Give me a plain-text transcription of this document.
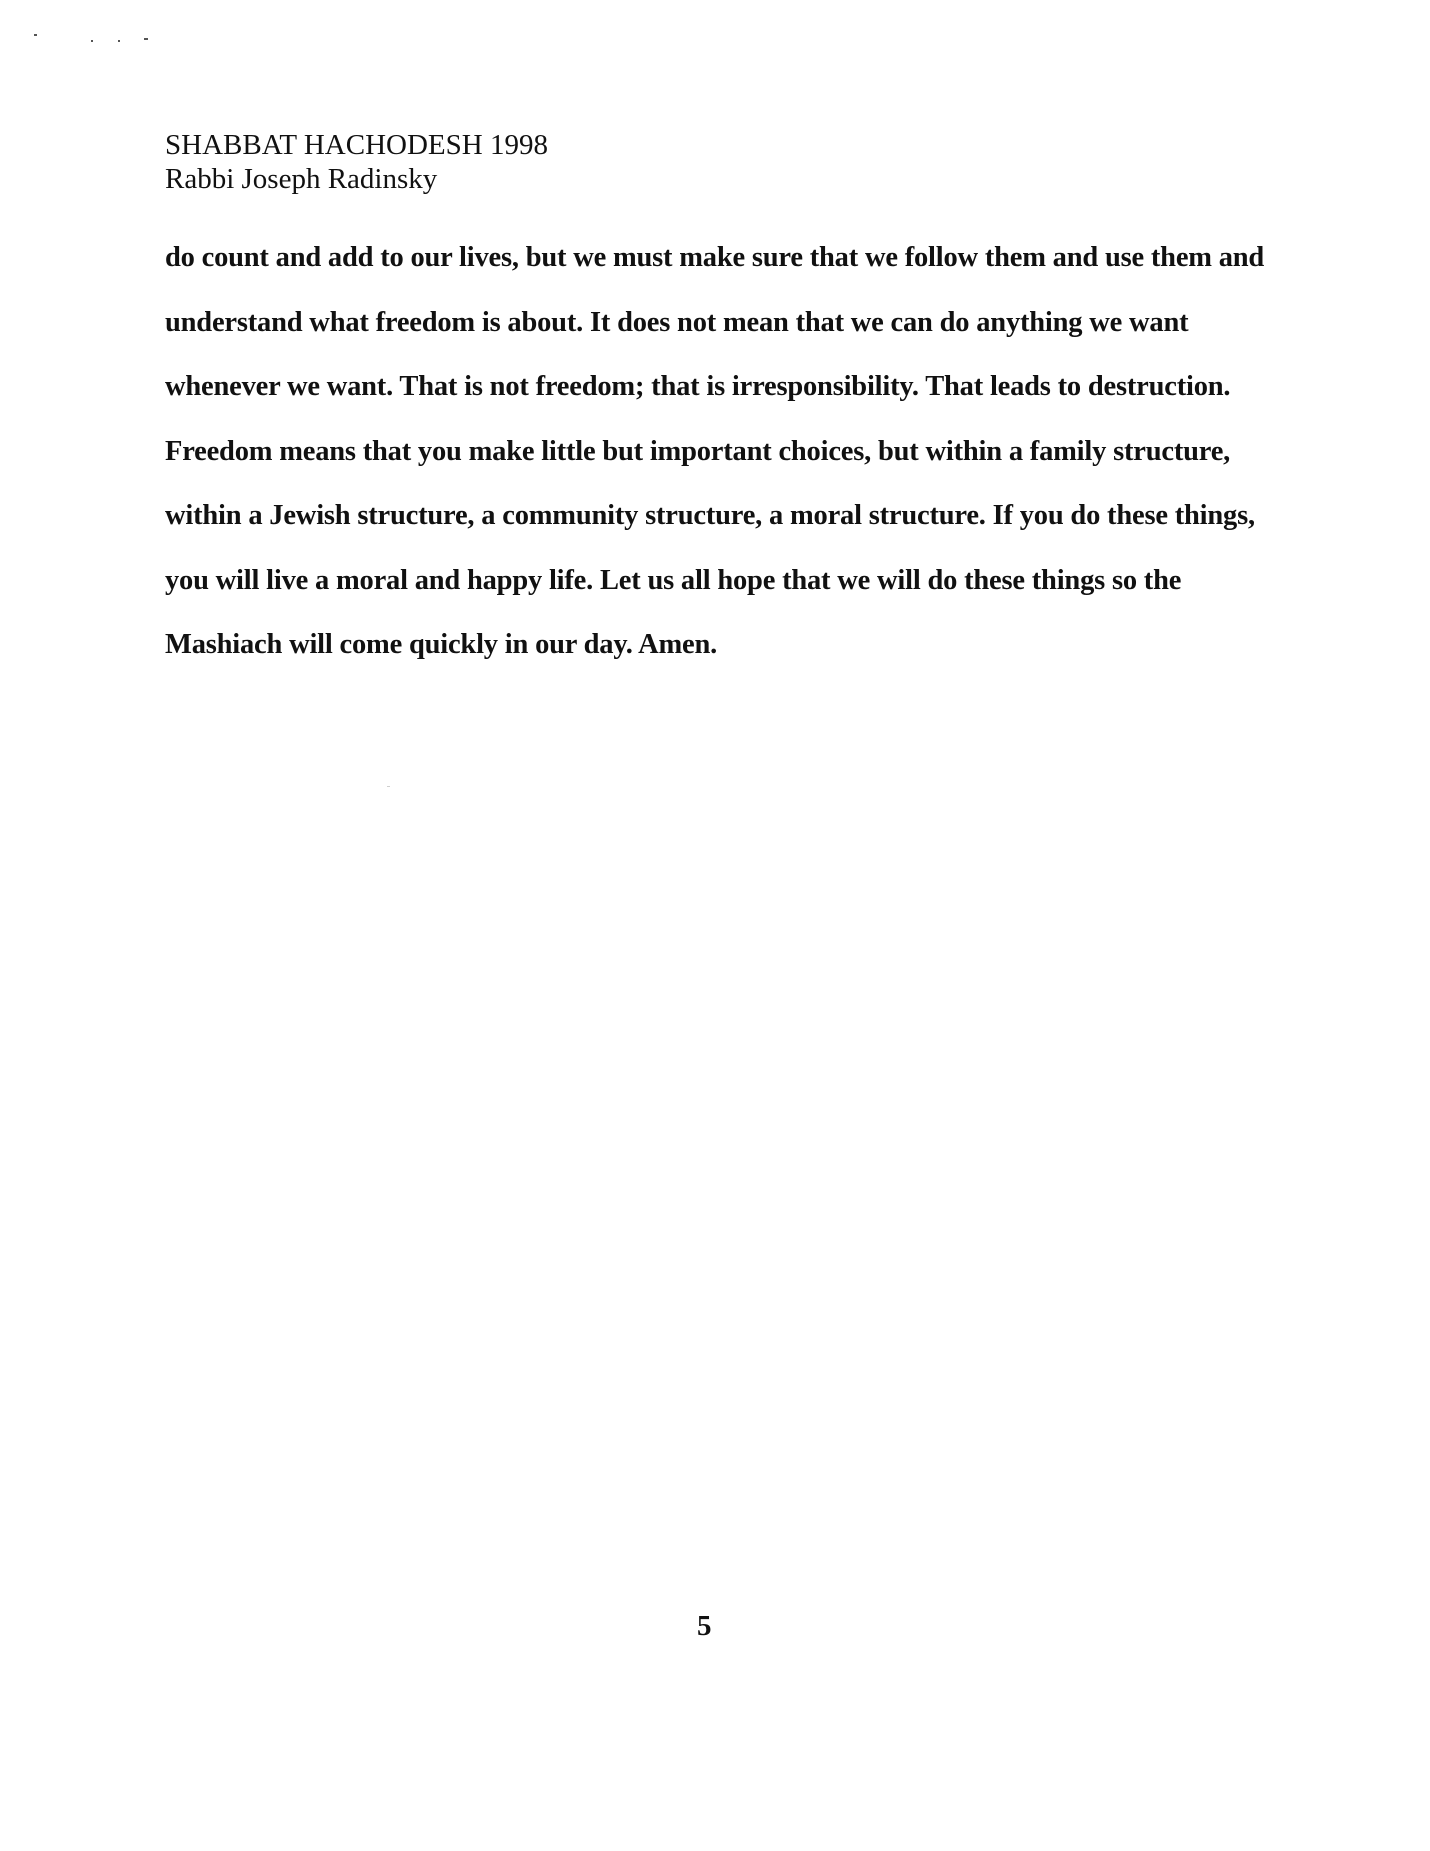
SHABBAT HACHODESH 1998
Rabbi Joseph Radinsky
do count and add to our lives, but we must make sure that we follow them and use them and
understand what freedom is about. It does not mean that we can do anything we want
whenever we want. That is not freedom; that is irresponsibility. That leads to destruction.
Freedom means that you make little but important choices, but within a family structure,
within a Jewish structure, a community structure, a moral structure. If you do these things,
you will live a moral and happy life. Let us all hope that we will do these things so the
Mashiach will come quickly in our day. Amen.
5
